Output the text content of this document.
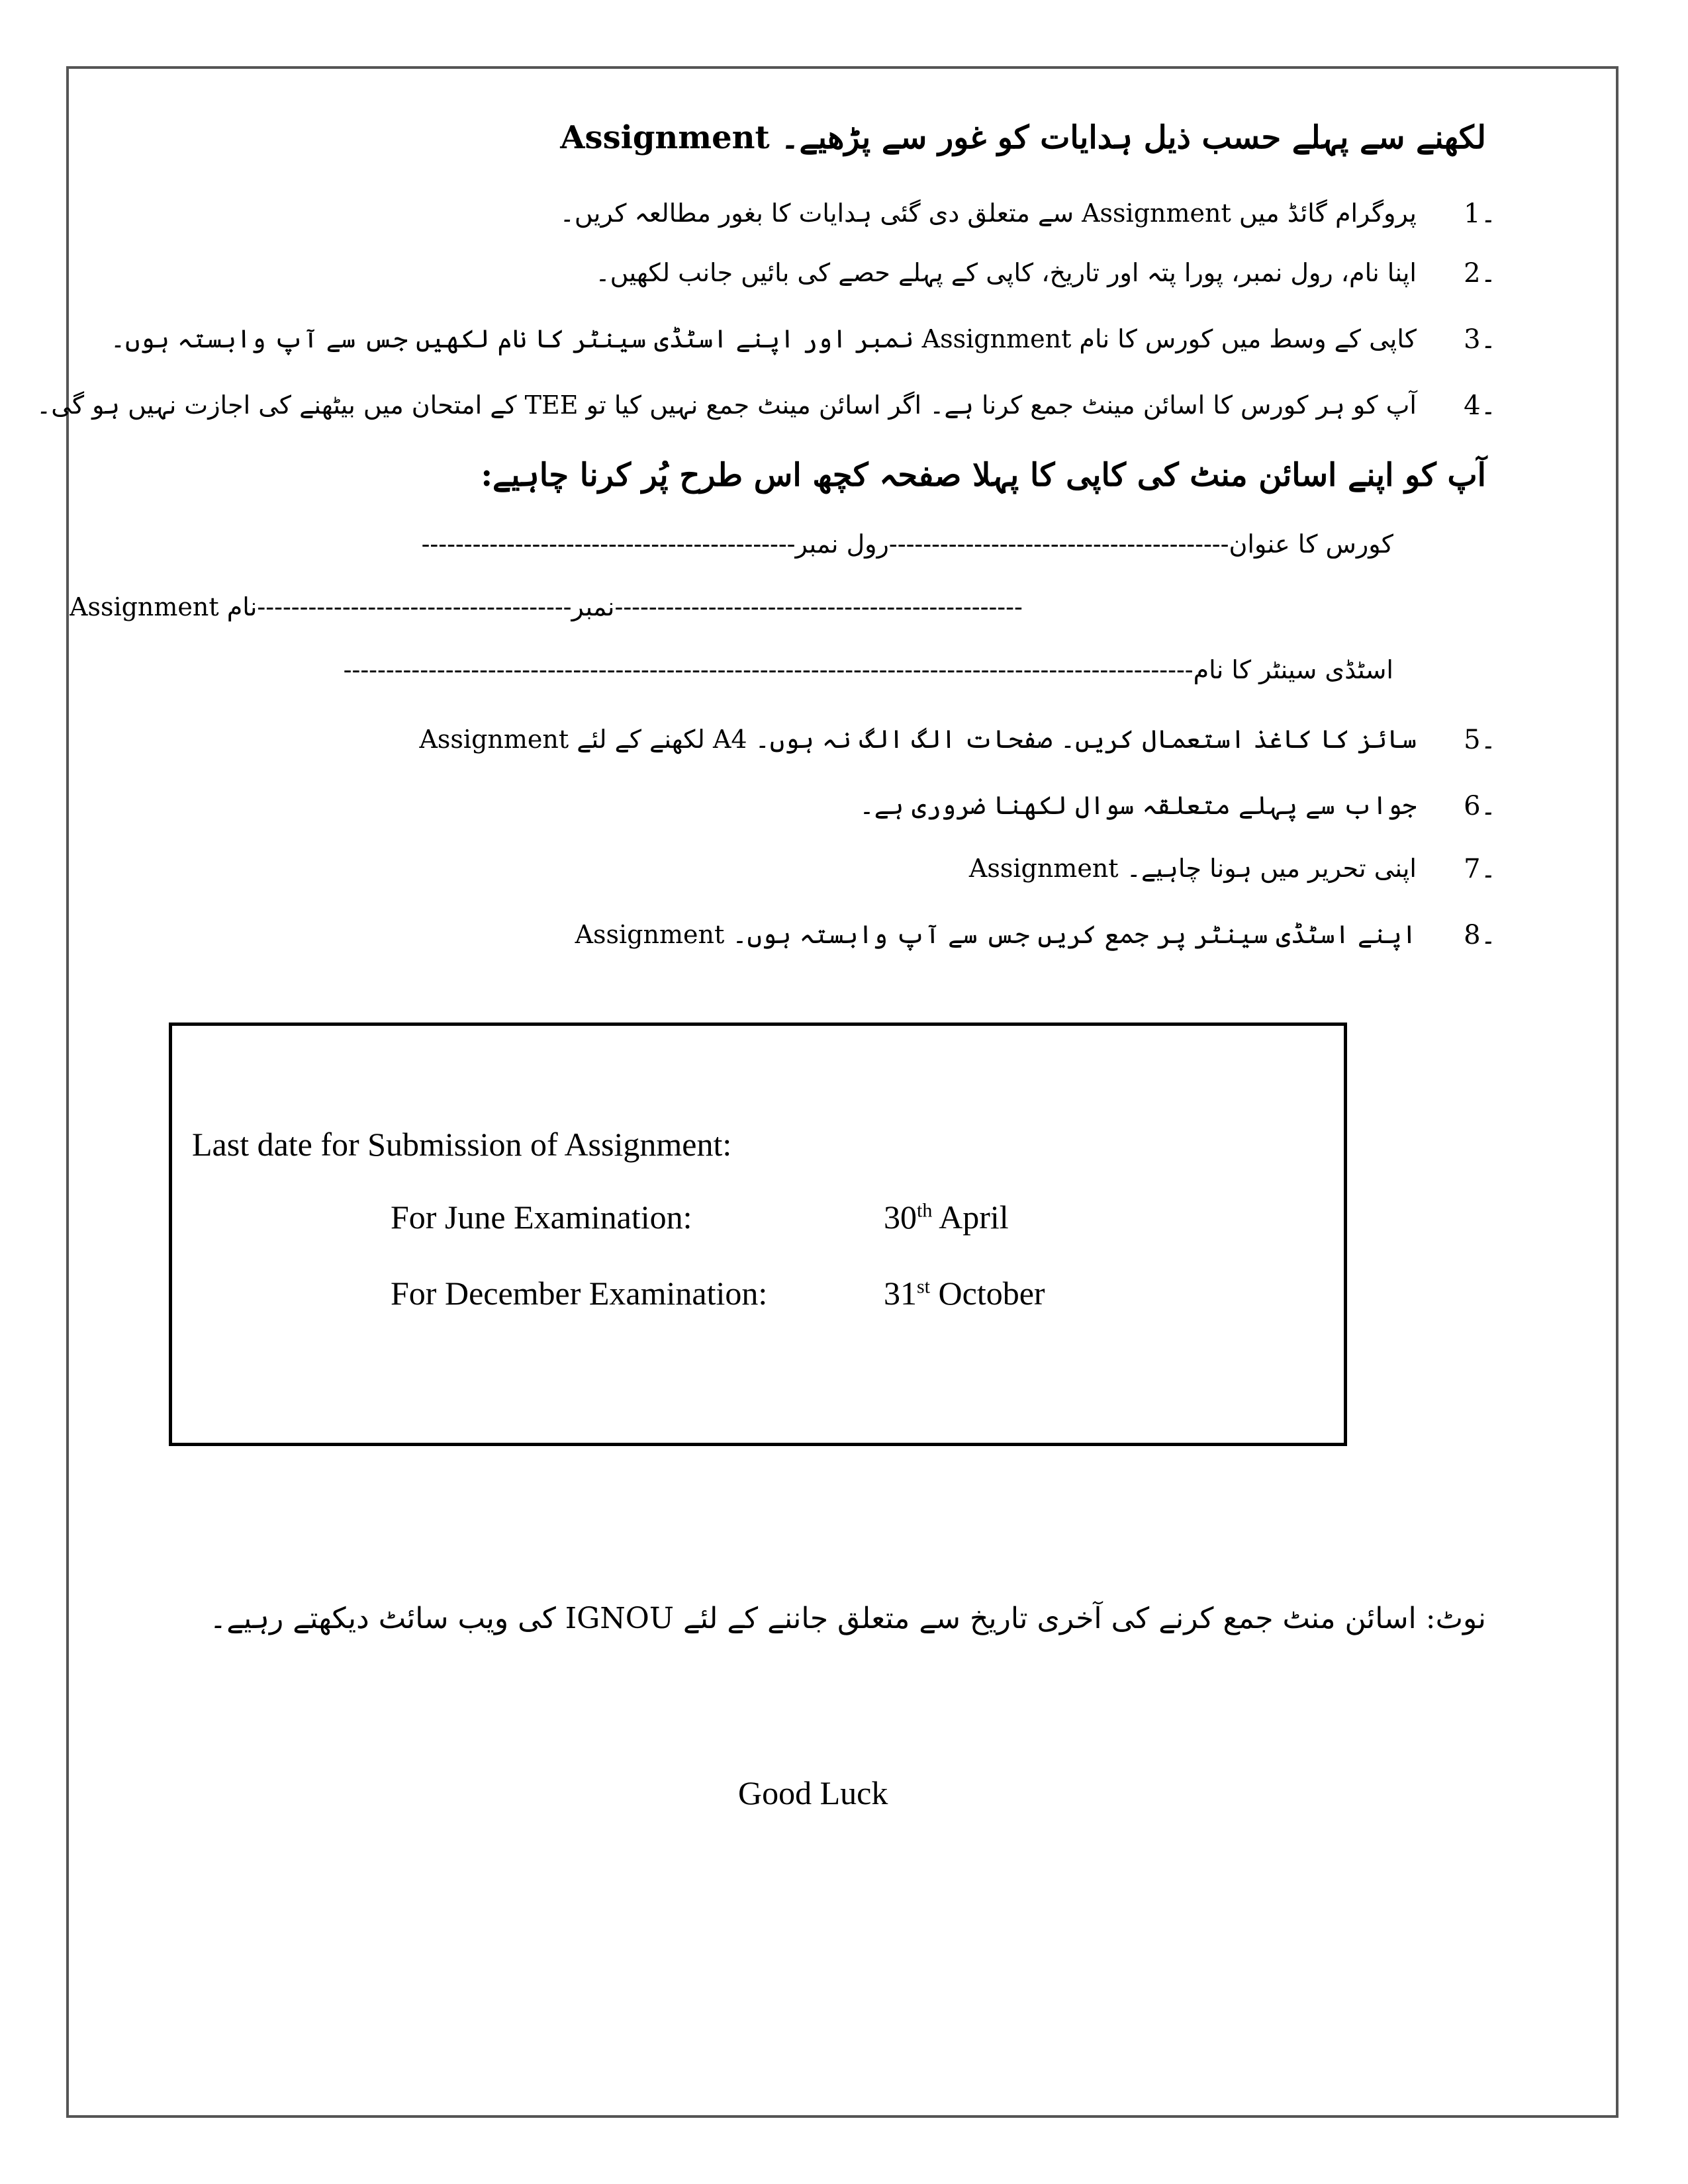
Assignment لکھنے سے پہلے حسب ذیل ہدایات کو غور سے پڑھیے۔
1۔
پروگرام گائڈ میں Assignment سے متعلق دی گئی ہدایات کا بغور مطالعہ کریں۔
2۔
اپنا نام، رول نمبر، پورا پتہ اور تاریخ، کاپی کے پہلے حصے کی بائیں جانب لکھیں۔
3۔
کاپی کے وسط میں کورس کا نام Assignment نمبر اور اپنے اسٹڈی سینٹر کا نام لکھیں جس سے آپ وابستہ ہوں۔
4۔
آپ کو ہر کورس کا اسائن مینٹ جمع کرنا ہے۔ اگر اسائن مینٹ جمع نہیں کیا تو TEE کے امتحان میں بیٹھنے کی اجازت نہیں ہو گی۔
آپ کو اپنے اسائن منٹ کی کاپی کا پہلا صفحہ کچھ اس طرح پُر کرنا چاہیے:
کورس کا عنوان----------------------------------------رول نمبر--------------------------------------------
Assignment نمبر-------------------------------------نام------------------------------------------------
اسٹڈی سینٹر کا نام----------------------------------------------------------------------------------------------------
5۔
Assignment لکھنے کے لئے A4 سائز کا کاغذ استعمال کریں۔ صفحات الگ الگ نہ ہوں۔
6۔
جواب سے پہلے متعلقہ سوال لکھنا ضروری ہے۔
7۔
Assignment اپنی تحریر میں ہونا چاہیے۔
8۔
Assignment اپنے اسٹڈی سینٹر پر جمع کریں جس سے آپ وابستہ ہوں۔
Last date for Submission of Assignment:
For June Examination:	30th April
For December Examination:	31st October
نوٹ: اسائن منٹ جمع کرنے کی آخری تاریخ سے متعلق جاننے کے لئے IGNOU کی ویب سائٹ دیکھتے رہیے۔
Good Luck
